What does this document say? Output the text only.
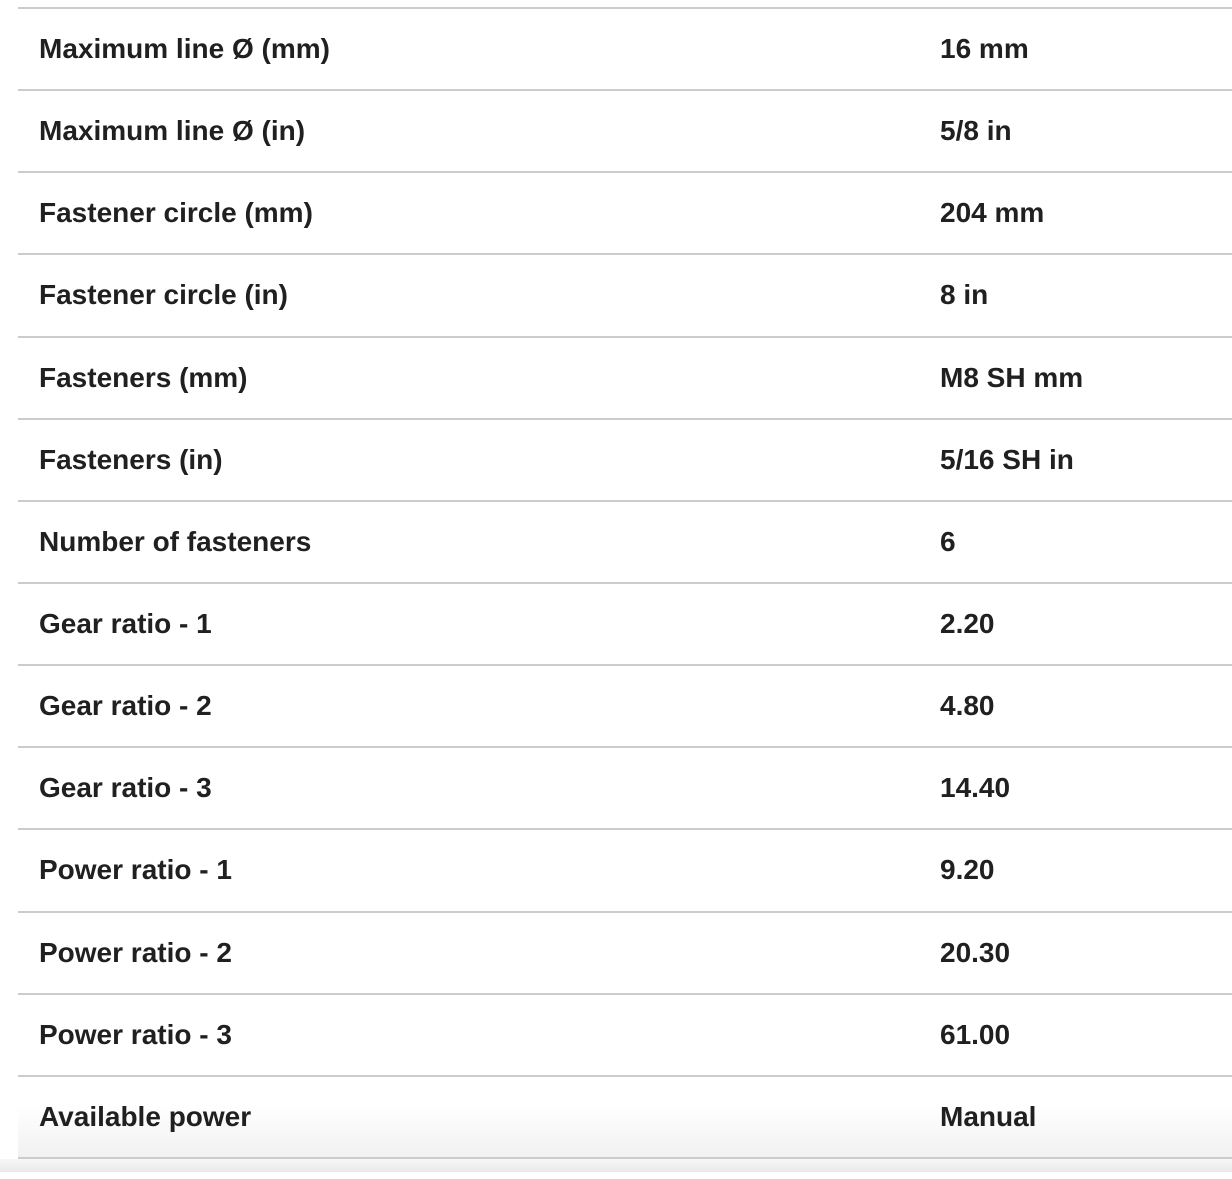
Maximum line Ø (mm)	16 mm
Maximum line Ø (in)	5/8 in
Fastener circle (mm)	204 mm
Fastener circle (in)	8 in
Fasteners (mm)	M8 SH mm
Fasteners (in)	5/16 SH in
Number of fasteners	6
Gear ratio - 1	2.20
Gear ratio - 2	4.80
Gear ratio - 3	14.40
Power ratio - 1	9.20
Power ratio - 2	20.30
Power ratio - 3	61.00
Available power	Manual
